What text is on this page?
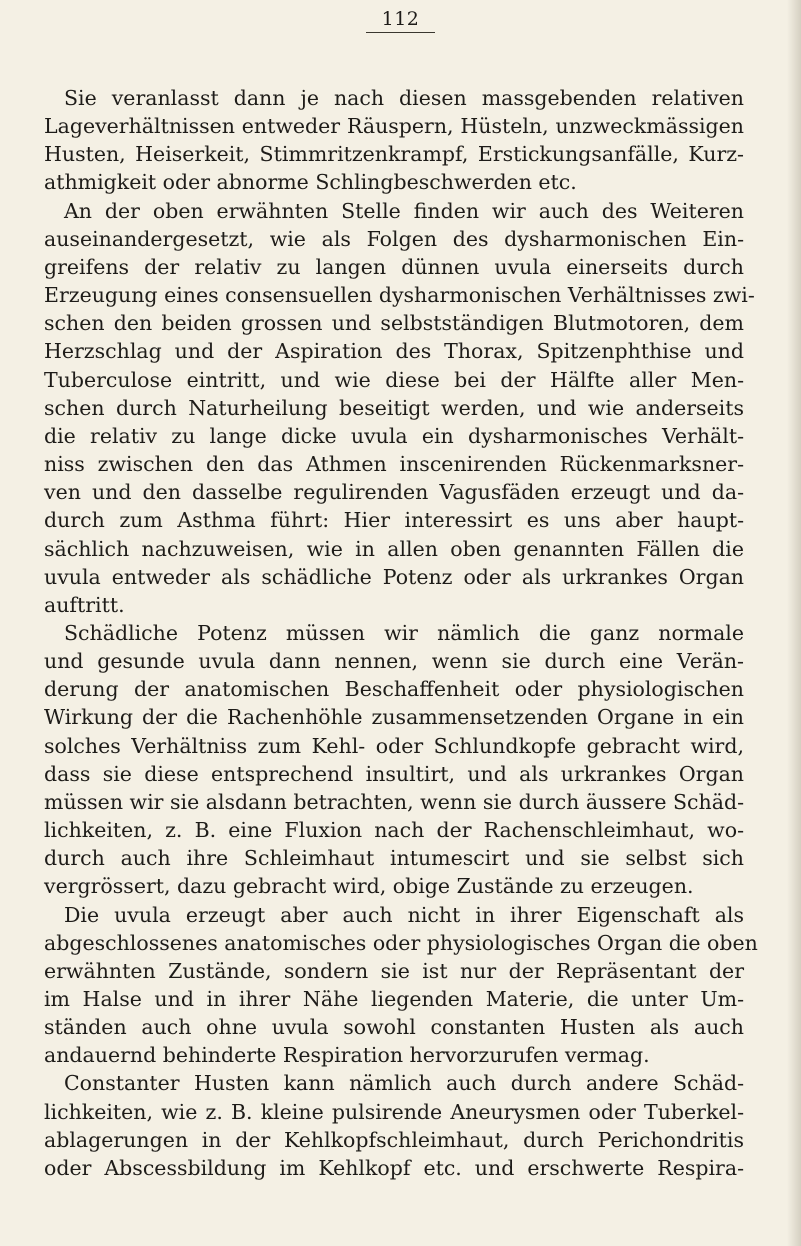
112
Sie veranlasst dann je nach diesen massgebenden relativen
Lageverhältnissen entweder Räuspern, Hüsteln, unzweckmässigen
Husten, Heiserkeit, Stimmritzenkrampf, Erstickungsanfälle, Kurz-
athmigkeit oder abnorme Schlingbeschwerden etc.
An der oben erwähnten Stelle finden wir auch des Weiteren
auseinandergesetzt, wie als Folgen des dysharmonischen Ein-
greifens der relativ zu langen dünnen uvula einerseits durch
Erzeugung eines consensuellen dysharmonischen Verhältnisses zwi-
schen den beiden grossen und selbstständigen Blutmotoren, dem
Herzschlag und der Aspiration des Thorax, Spitzenphthise und
Tuberculose eintritt, und wie diese bei der Hälfte aller Men-
schen durch Naturheilung beseitigt werden, und wie anderseits
die relativ zu lange dicke uvula ein dysharmonisches Verhält-
niss zwischen den das Athmen inscenirenden Rückenmarksner-
ven und den dasselbe regulirenden Vagusfäden erzeugt und da-
durch zum Asthma führt: Hier interessirt es uns aber haupt-
sächlich nachzuweisen, wie in allen oben genannten Fällen die
uvula entweder als schädliche Potenz oder als urkrankes Organ
auftritt.
Schädliche Potenz müssen wir nämlich die ganz normale
und gesunde uvula dann nennen, wenn sie durch eine Verän-
derung der anatomischen Beschaffenheit oder physiologischen
Wirkung der die Rachenhöhle zusammensetzenden Organe in ein
solches Verhältniss zum Kehl- oder Schlundkopfe gebracht wird,
dass sie diese entsprechend insultirt, und als urkrankes Organ
müssen wir sie alsdann betrachten, wenn sie durch äussere Schäd-
lichkeiten, z. B. eine Fluxion nach der Rachenschleimhaut, wo-
durch auch ihre Schleimhaut intumescirt und sie selbst sich
vergrössert, dazu gebracht wird, obige Zustände zu erzeugen.
Die uvula erzeugt aber auch nicht in ihrer Eigenschaft als
abgeschlossenes anatomisches oder physiologisches Organ die oben
erwähnten Zustände, sondern sie ist nur der Repräsentant der
im Halse und in ihrer Nähe liegenden Materie, die unter Um-
ständen auch ohne uvula sowohl constanten Husten als auch
andauernd behinderte Respiration hervorzurufen vermag.
Constanter Husten kann nämlich auch durch andere Schäd-
lichkeiten, wie z. B. kleine pulsirende Aneurysmen oder Tuberkel-
ablagerungen in der Kehlkopfschleimhaut, durch Perichondritis
oder Abscessbildung im Kehlkopf etc. und erschwerte Respira-
